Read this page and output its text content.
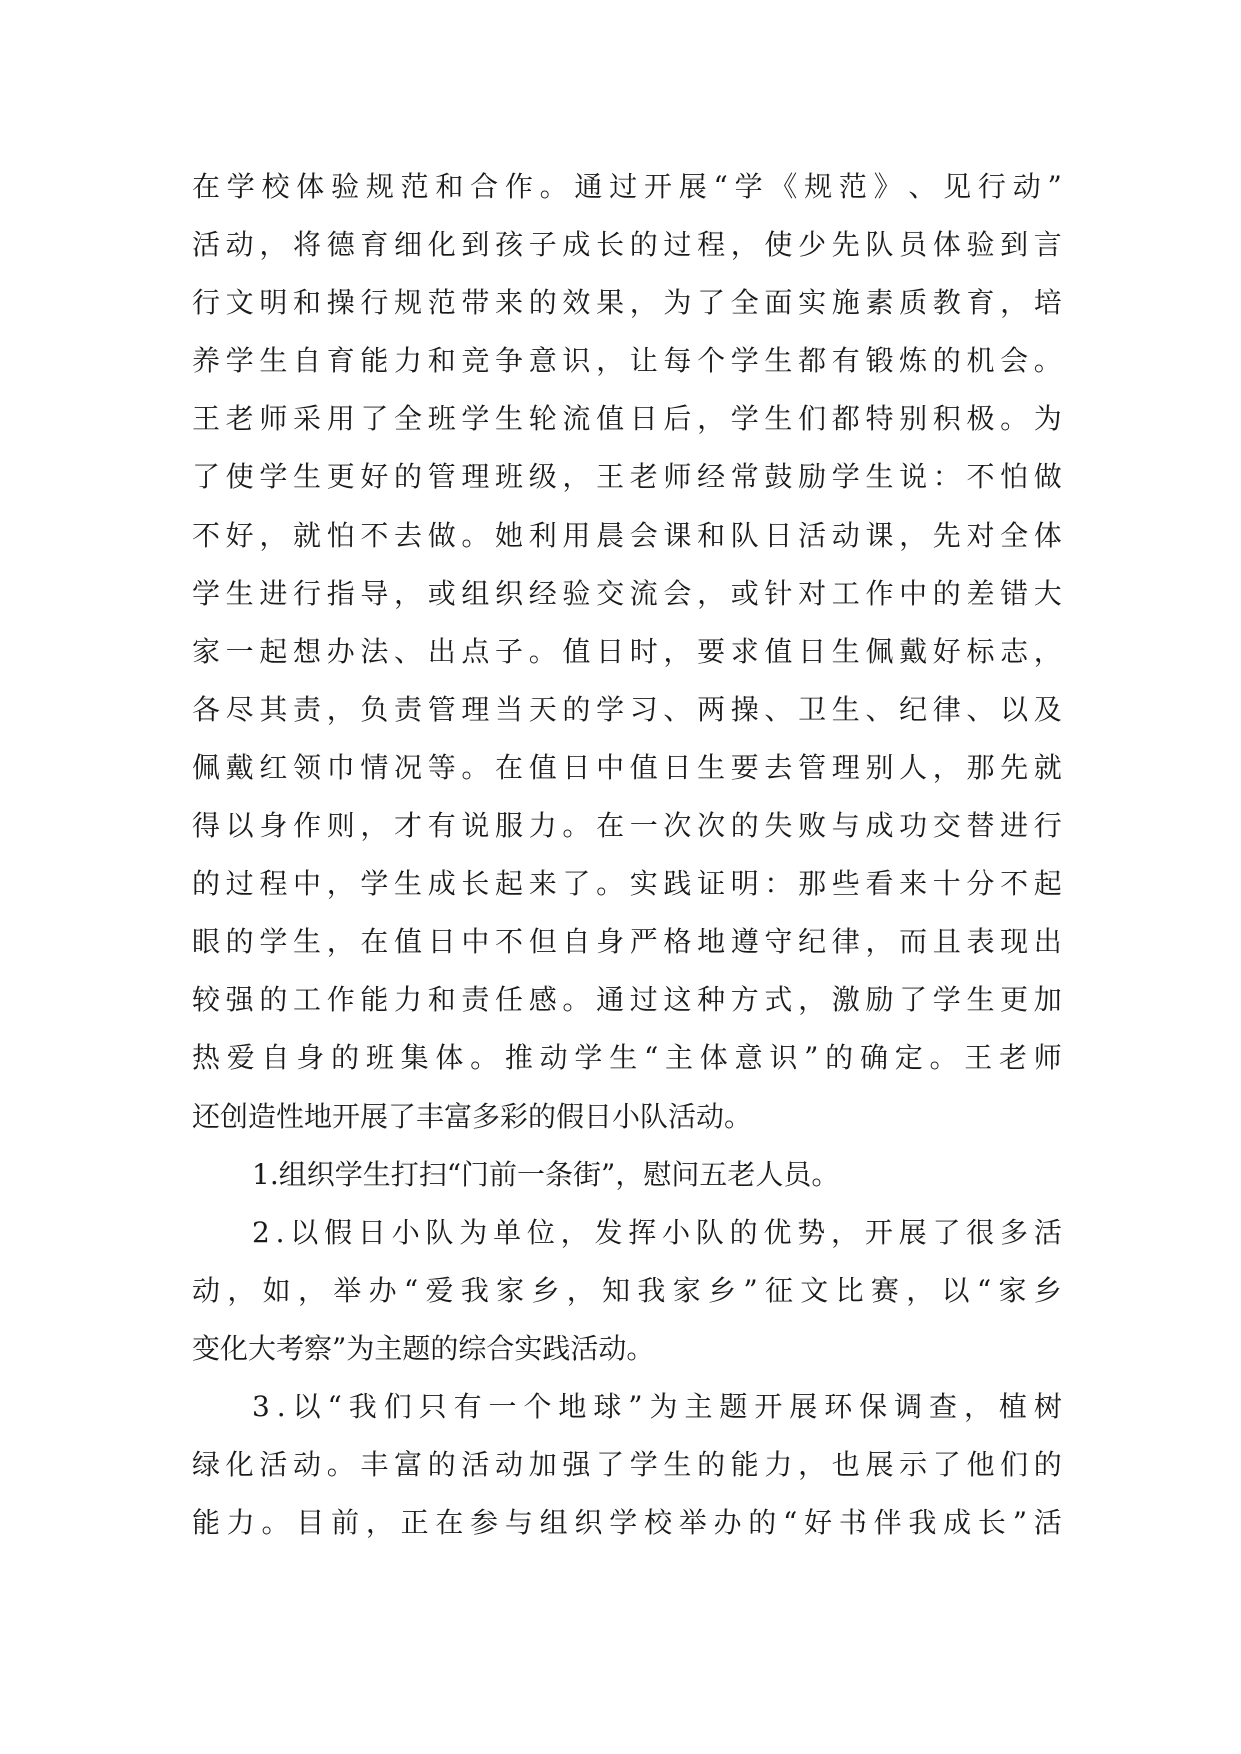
在 学 校 体 验 规 范 和 合 作 。 通 过 开 展 “ 学 《 规 范 》 、 见 行 动 ”
活 动 ， 将 德 育 细 化 到 孩 子 成 长 的 过 程 ， 使 少 先 队 员 体 验 到 言
行 文 明 和 操 行 规 范 带 来 的 效 果 ， 为 了 全 面 实 施 素 质 教 育 ， 培
养 学 生 自 育 能 力 和 竞 争 意 识 ， 让 每 个 学 生 都 有 锻 炼 的 机 会 。
王 老 师 采 用 了 全 班 学 生 轮 流 值 日 后 ， 学 生 们 都 特 别 积 极 。 为
了 使 学 生 更 好 的 管 理 班 级 ， 王 老 师 经 常 鼓 励 学 生 说 ： 不 怕 做
不 好 ， 就 怕 不 去 做 。 她 利 用 晨 会 课 和 队 日 活 动 课 ， 先 对 全 体
学 生 进 行 指 导 ， 或 组 织 经 验 交 流 会 ， 或 针 对 工 作 中 的 差 错 大
家 一 起 想 办 法 、 出 点 子 。 值 日 时 ， 要 求 值 日 生 佩 戴 好 标 志 ，
各 尽 其 责 ， 负 责 管 理 当 天 的 学 习 、 两 操 、 卫 生 、 纪 律 、 以 及
佩 戴 红 领 巾 情 况 等 。 在 值 日 中 值 日 生 要 去 管 理 别 人 ， 那 先 就
得 以 身 作 则 ， 才 有 说 服 力 。 在 一 次 次 的 失 败 与 成 功 交 替 进 行
的 过 程 中 ， 学 生 成 长 起 来 了 。 实 践 证 明 ： 那 些 看 来 十 分 不 起
眼 的 学 生 ， 在 值 日 中 不 但 自 身 严 格 地 遵 守 纪 律 ， 而 且 表 现 出
较 强 的 工 作 能 力 和 责 任 感 。 通 过 这 种 方 式 ， 激 励 了 学 生 更 加
热 爱 自 身 的 班 集 体 。 推 动 学 生 “ 主 体 意 识 ” 的 确 定 。 王 老 师
还创造性地开展了丰富多彩的假日小队活动。
1.组织学生打扫“门前一条街”，慰问五老人员。
2 . 以 假 日 小 队 为 单 位 ， 发 挥 小 队 的 优 势 ， 开 展 了 很 多 活
动 ， 如 ， 举 办 “ 爱 我 家 乡 ， 知 我 家 乡 ” 征 文 比 赛 ， 以 “ 家 乡
变化大考察”为主题的综合实践活动。
3 . 以 “ 我 们 只 有 一 个 地 球 ” 为 主 题 开 展 环 保 调 查 ， 植 树
绿 化 活 动 。 丰 富 的 活 动 加 强 了 学 生 的 能 力 ， 也 展 示 了 他 们 的
能 力 。 目 前 ， 正 在 参 与 组 织 学 校 举 办 的 “ 好 书 伴 我 成 长 ” 活
